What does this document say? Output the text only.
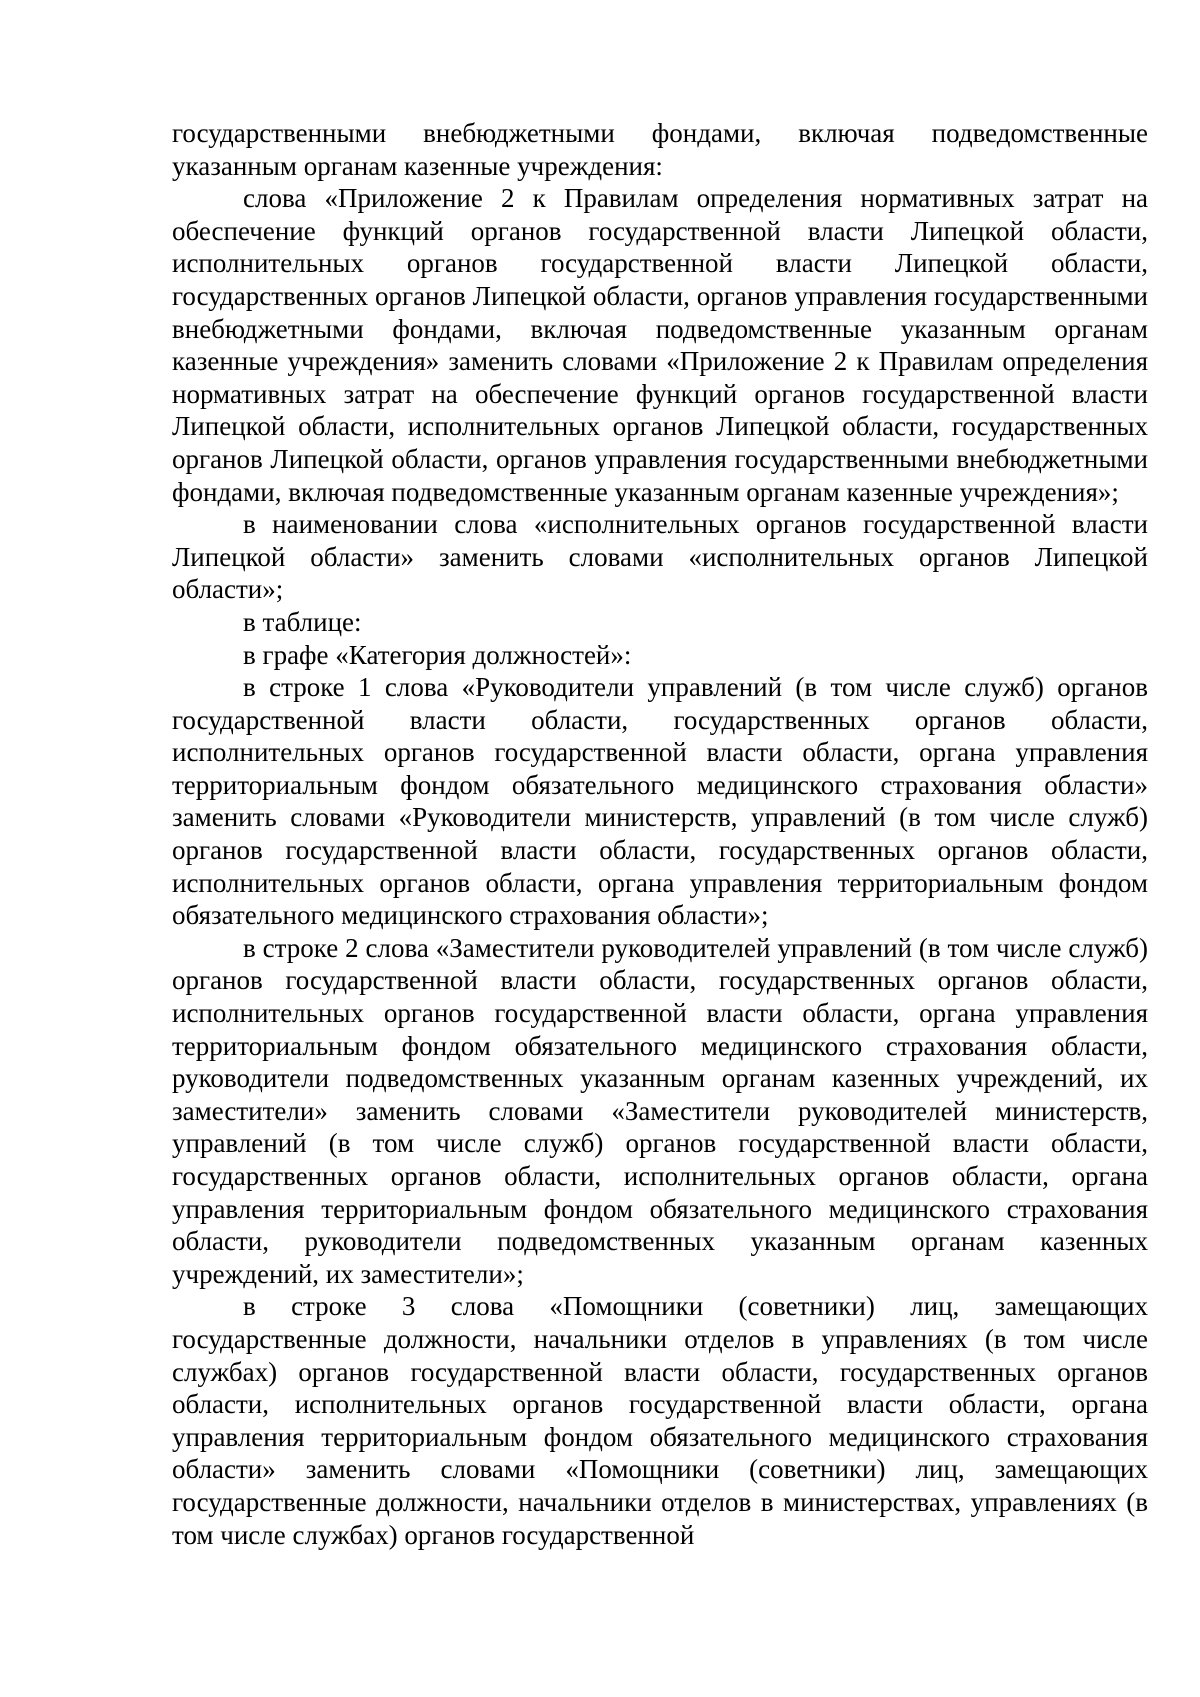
государственными внебюджетными фондами, включая подведомственные указанным органам казенные учреждения:

слова «Приложение 2 к Правилам определения нормативных затрат на обеспечение функций органов государственной власти Липецкой области, исполнительных органов государственной власти Липецкой области, государственных органов Липецкой области, органов управления государственными внебюджетными фондами, включая подведомственные указанным органам казенные учреждения» заменить словами «Приложение 2 к Правилам определения нормативных затрат на обеспечение функций органов государственной власти Липецкой области, исполнительных органов Липецкой области, государственных органов Липецкой области, органов управления государственными внебюджетными фондами, включая подведомственные указанным органам казенные учреждения»;

в наименовании слова «исполнительных органов государственной власти Липецкой области» заменить словами «исполнительных органов Липецкой области»;

в таблице:

в графе «Категория должностей»:

в строке 1 слова «Руководители управлений (в том числе служб) органов государственной власти области, государственных органов области, исполнительных органов государственной власти области, органа управления территориальным фондом обязательного медицинского страхования области» заменить словами «Руководители министерств, управлений (в том числе служб) органов государственной власти области, государственных органов области, исполнительных органов области, органа управления территориальным фондом обязательного медицинского страхования области»;

в строке 2 слова «Заместители руководителей управлений (в том числе служб) органов государственной власти области, государственных органов области, исполнительных органов государственной власти области, органа управления территориальным фондом обязательного медицинского страхования области, руководители подведомственных указанным органам казенных учреждений, их заместители» заменить словами «Заместители руководителей министерств, управлений (в том числе служб) органов государственной власти области, государственных органов области, исполнительных органов области, органа управления территориальным фондом обязательного медицинского страхования области, руководители подведомственных указанным органам казенных учреждений, их заместители»;

в строке 3 слова «Помощники (советники) лиц, замещающих государственные должности, начальники отделов в управлениях (в том числе службах) органов государственной власти области, государственных органов области, исполнительных органов государственной власти области, органа управления территориальным фондом обязательного медицинского страхования области» заменить словами «Помощники (советники) лиц, замещающих государственные должности, начальники отделов в министерствах, управлениях (в том числе службах) органов государственной
